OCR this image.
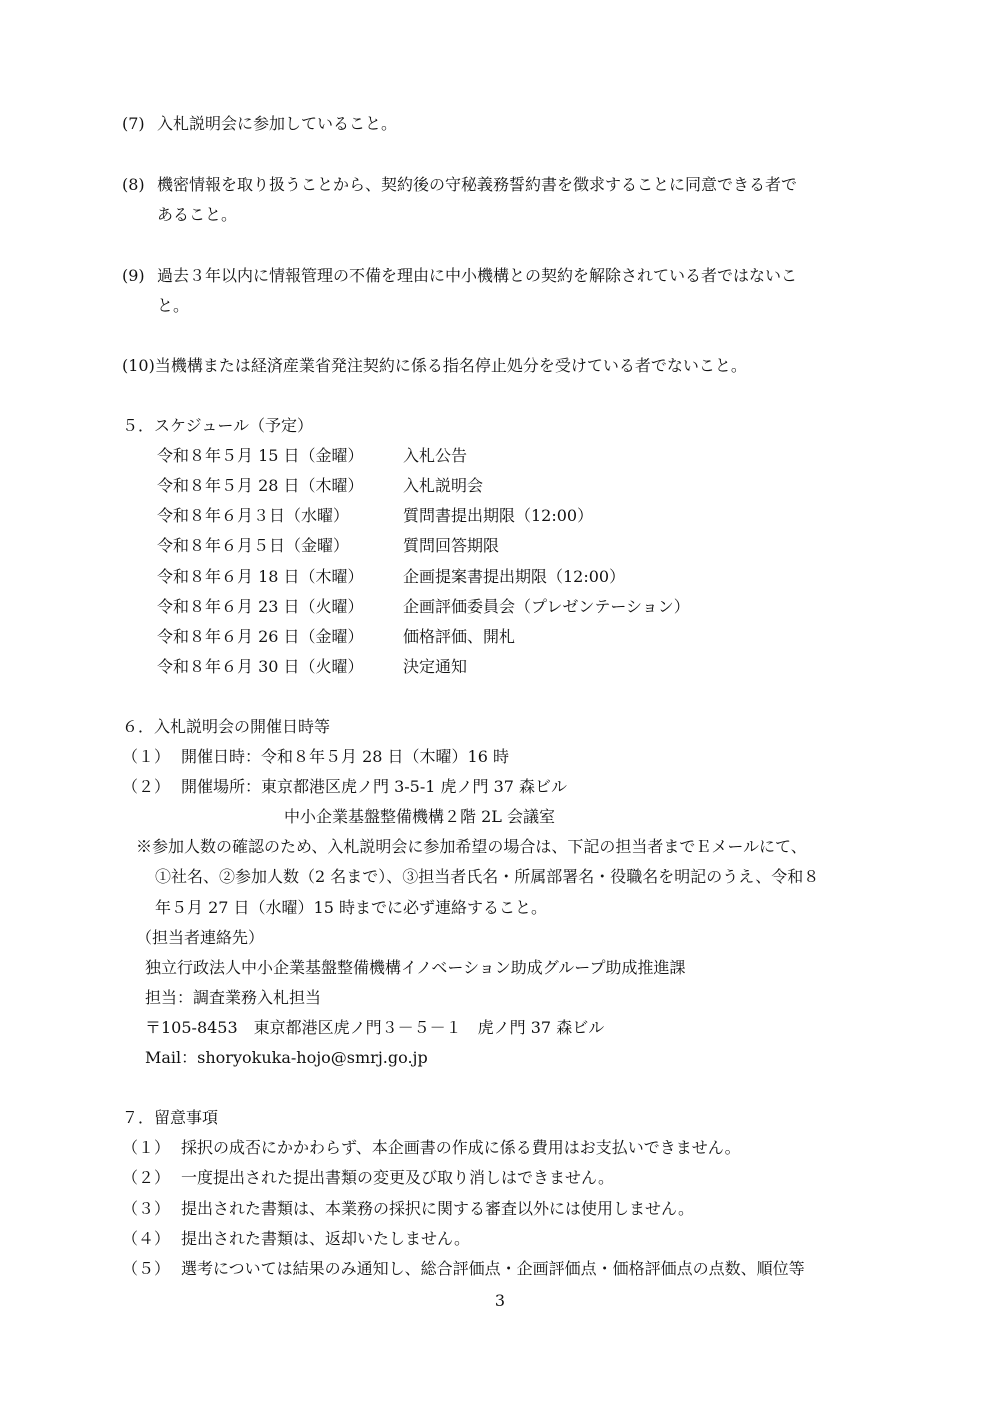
(7) 入札説明会に参加していること。
(8) 機密情報を取り扱うことから、契約後の守秘義務誓約書を徴求することに同意できる者で
あること。
(9) 過去３年以内に情報管理の不備を理由に中小機構との契約を解除されている者ではないこ
と。
(10)当機構または経済産業省発注契約に係る指名停止処分を受けている者でないこと。
５．スケジュール（予定）
令和８年５月 15 日（金曜） 入札公告
令和８年５月 28 日（木曜） 入札説明会
令和８年６月３日（水曜）	質問書提出期限（12:00）
令和８年６月５日（金曜）	質問回答期限
令和８年６月 18 日（木曜） 企画提案書提出期限（12:00）
令和８年６月 23 日（火曜） 企画評価委員会（プレゼンテーション）
令和８年６月 26 日（金曜） 価格評価、開札
令和８年６月 30 日（火曜） 決定通知
６．入札説明会の開催日時等
（１） 開催日時：令和８年５月 28 日（木曜）16 時
（２） 開催場所：東京都港区虎ノ門 3-5-1 虎ノ門 37 森ビル
中小企業基盤整備機構２階 2L 会議室
※参加人数の確認のため、入札説明会に参加希望の場合は、下記の担当者までＥメールにて、
①社名、②参加人数（2 名まで）、③担当者氏名・所属部署名・役職名を明記のうえ、令和８
年５月 27 日（水曜）15 時までに必ず連絡すること。
（担当者連絡先）
独立行政法人中小企業基盤整備機構イノベーション助成グループ助成推進課
担当：調査業務入札担当
〒105-8453　東京都港区虎ノ門３－５－１　虎ノ門 37 森ビル
Mail：shoryokuka-hojo@smrj.go.jp
７．留意事項
（１） 採択の成否にかかわらず、本企画書の作成に係る費用はお支払いできません。
（２） 一度提出された提出書類の変更及び取り消しはできません。
（３） 提出された書類は、本業務の採択に関する審査以外には使用しません。
（４） 提出された書類は、返却いたしません。
（５） 選考については結果のみ通知し、総合評価点・企画評価点・価格評価点の点数、順位等
3
